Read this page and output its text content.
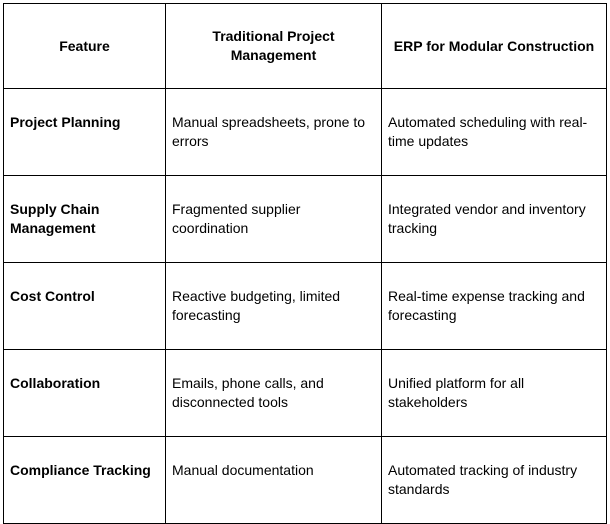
Feature	Traditional Project Management	ERP for Modular Construction
Project Planning	Manual spreadsheets, prone to errors	Automated scheduling with real-time updates
Supply Chain Management	Fragmented supplier coordination	Integrated vendor and inventory tracking
Cost Control	Reactive budgeting, limited forecasting	Real-time expense tracking and forecasting
Collaboration	Emails, phone calls, and disconnected tools	Unified platform for all stakeholders
Compliance Tracking	Manual documentation	Automated tracking of industry standards
